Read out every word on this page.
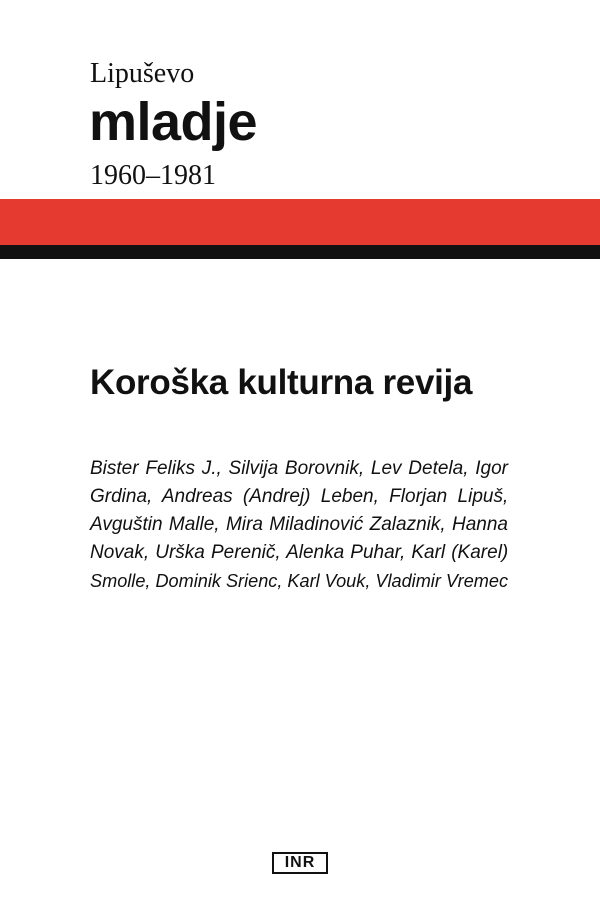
Lipuševo
mladje
1960–1981
Koroška kulturna revija
Bister Feliks J., Silvija Borovnik, Lev Detela, Igor
Grdina, Andreas (Andrej) Leben, Florjan Lipuš,
Avguštin Malle, Mira Miladinović Zalaznik, Hanna
Novak, Urška Perenič, Alenka Puhar, Karl (Karel)
Smolle, Dominik Srienc, Karl Vouk, Vladimir Vremec
INR
